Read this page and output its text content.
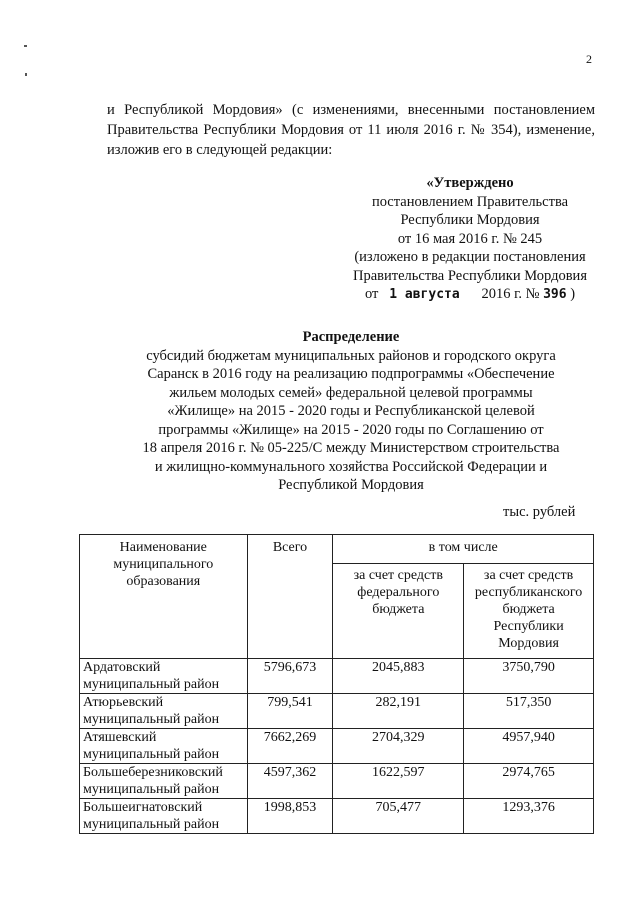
2
и Республикой Мордовия» (с изменениями, внесенными постановлением Правительства Республики Мордовия от 11 июля 2016 г. № 354), изменение, изложив его в следующей редакции:
«Утверждено
постановлением Правительства
Республики Мордовия
от 16 мая 2016 г. № 245
(изложено в редакции постановления
Правительства Республики Мордовия
от 1 августа 2016 г. № 396 )
Распределение
субсидий бюджетам муниципальных районов и городского округа
Саранск в 2016 году на реализацию подпрограммы «Обеспечение
жильем молодых семей» федеральной целевой программы
«Жилище» на 2015 - 2020 годы и Республиканской целевой
программы «Жилище» на 2015 - 2020 годы по Соглашению от
18 апреля 2016 г. № 05-225/С между Министерством строительства
и жилищно-коммунального хозяйства Российской Федерации и
Республикой Мордовия
тыс. рублей
Наименование муниципального образования	Всего	в том числе	
		за счет средств федерального бюджета	за счет средств республиканского бюджета Республики Мордовия
Ардатовский муниципальный район	5796,673	2045,883	3750,790
Атюрьевский муниципальный район	799,541	282,191	517,350
Атяшевский муниципальный район	7662,269	2704,329	4957,940
Большеберезниковский муниципальный район	4597,362	1622,597	2974,765
Большеигнатовский муниципальный район	1998,853	705,477	1293,376
